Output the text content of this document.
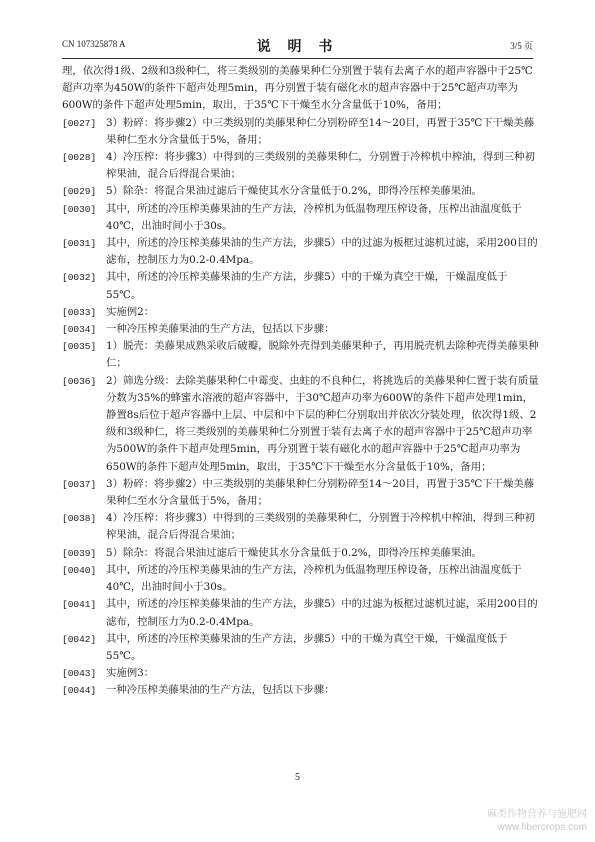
CN 107325878 A	说 明 书	3/5 页
理，依次得1级、2级和3级种仁，将三类级别的美藤果种仁分别置于装有去离子水的超声容器中于25℃超声功率为450W的条件下超声处理5min，再分别置于装有磁化水的超声容器中于25℃超声功率为600W的条件下超声处理5min，取出，于35℃下干燥至水分含量低于10%，备用；
[0027] 3）粉碎：将步骤2）中三类级别的美藤果种仁分别粉碎至14～20目，再置于35℃下干燥美藤果种仁至水分含量低于5%，备用；
[0028] 4）冷压榨：将步骤3）中得到的三类级别的美藤果种仁，分别置于冷榨机中榨油，得到三种初榨果油，混合后得混合果油；
[0029] 5）除杂：将混合果油过滤后干燥使其水分含量低于0.2%，即得冷压榨美藤果油。
[0030] 其中，所述的冷压榨美藤果油的生产方法，冷榨机为低温物理压榨设备，压榨出油温度低于40℃，出油时间小于30s。
[0031] 其中，所述的冷压榨美藤果油的生产方法，步骤5）中的过滤为板框过滤机过滤，采用200目的滤布，控制压力为0.2-0.4Mpa。
[0032] 其中，所述的冷压榨美藤果油的生产方法，步骤5）中的干燥为真空干燥，干燥温度低于55℃。
[0033] 实施例2：
[0034] 一种冷压榨美藤果油的生产方法，包括以下步骤：
[0035] 1）脱壳：美藤果成熟采收后破瓣，脱除外壳得到美藤果种子，再用脱壳机去除种壳得美藤果种仁；
[0036] 2）筛选分级：去除美藤果种仁中霉变、虫蛀的不良种仁，将挑选后的美藤果种仁置于装有质量分数为35%的蜂蜜水溶液的超声容器中，于30℃超声功率为600W的条件下超声处理1min，静置8s后位于超声容器中上层、中层和中下层的种仁分别取出并依次分装处理，依次得1级、2级和3级种仁，将三类级别的美藤果种仁分别置于装有去离子水的超声容器中于25℃超声功率为500W的条件下超声处理5min，再分别置于装有磁化水的超声容器中于25℃超声功率为650W的条件下超声处理5min，取出，于35℃下干燥至水分含量低于10%，备用；
[0037] 3）粉碎：将步骤2）中三类级别的美藤果种仁分别粉碎至14～20目，再置于35℃下干燥美藤果种仁至水分含量低于5%，备用；
[0038] 4）冷压榨：将步骤3）中得到的三类级别的美藤果种仁，分别置于冷榨机中榨油，得到三种初榨果油，混合后得混合果油；
[0039] 5）除杂：将混合果油过滤后干燥使其水分含量低于0.2%，即得冷压榨美藤果油。
[0040] 其中，所述的冷压榨美藤果油的生产方法，冷榨机为低温物理压榨设备，压榨出油温度低于40℃，出油时间小于30s。
[0041] 其中，所述的冷压榨美藤果油的生产方法，步骤5）中的过滤为板框过滤机过滤，采用200目的滤布，控制压力为0.2-0.4Mpa。
[0042] 其中，所述的冷压榨美藤果油的生产方法，步骤5）中的干燥为真空干燥，干燥温度低于55℃。
[0043] 实施例3：
[0044] 一种冷压榨美藤果油的生产方法，包括以下步骤：
5
麻类作物营养与施肥网
www.fibercrops.com
